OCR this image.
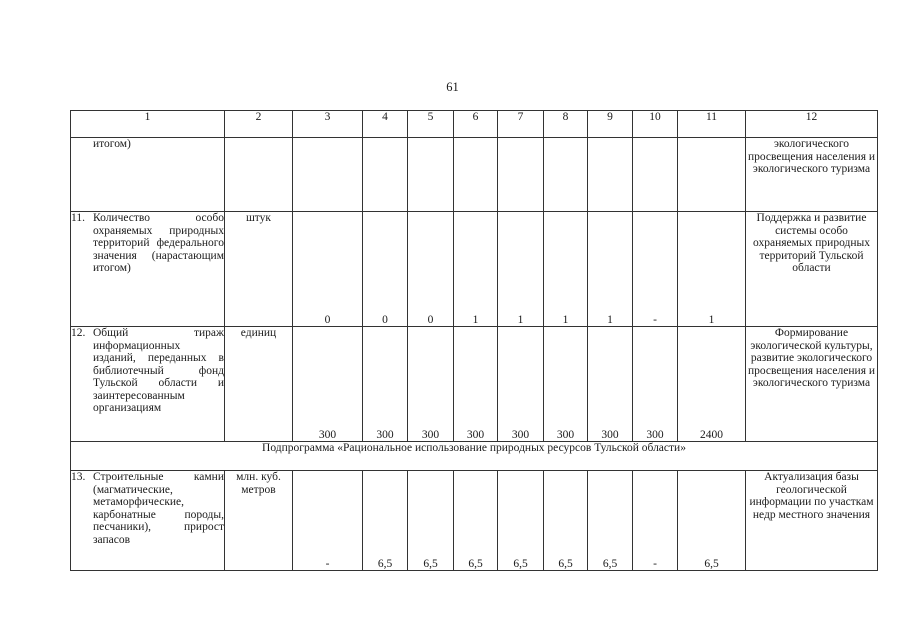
61
1	2	3	4	5	6	7	8	9	10	11	12

итогом)											экологического просвещения населения и экологического туризма

11. Количество особо охраняемых природных территорий федерального значения (нарастающим итогом)	штук	0	0	0	1	1	1	1	-	1	Поддержка и развитие системы особо охраняемых природных территорий Тульской области

12. Общий тираж информационных изданий, переданных в библиотечный фонд Тульской области и заинтересованным организациям	единиц	300	300	300	300	300	300	300	300	2400	Формирование экологической культуры, развитие экологического просвещения населения и экологического туризма
Подпрограмма «Рациональное использование природных ресурсов Тульской области»											

13. Строительные камни (магматические, метаморфические, карбонатные породы, песчаники), прирост запасов	млн. куб. метров	-	6,5	6,5	6,5	6,5	6,5	6,5	-	6,5	Актуализация базы геологической информации по участкам недр местного значения
